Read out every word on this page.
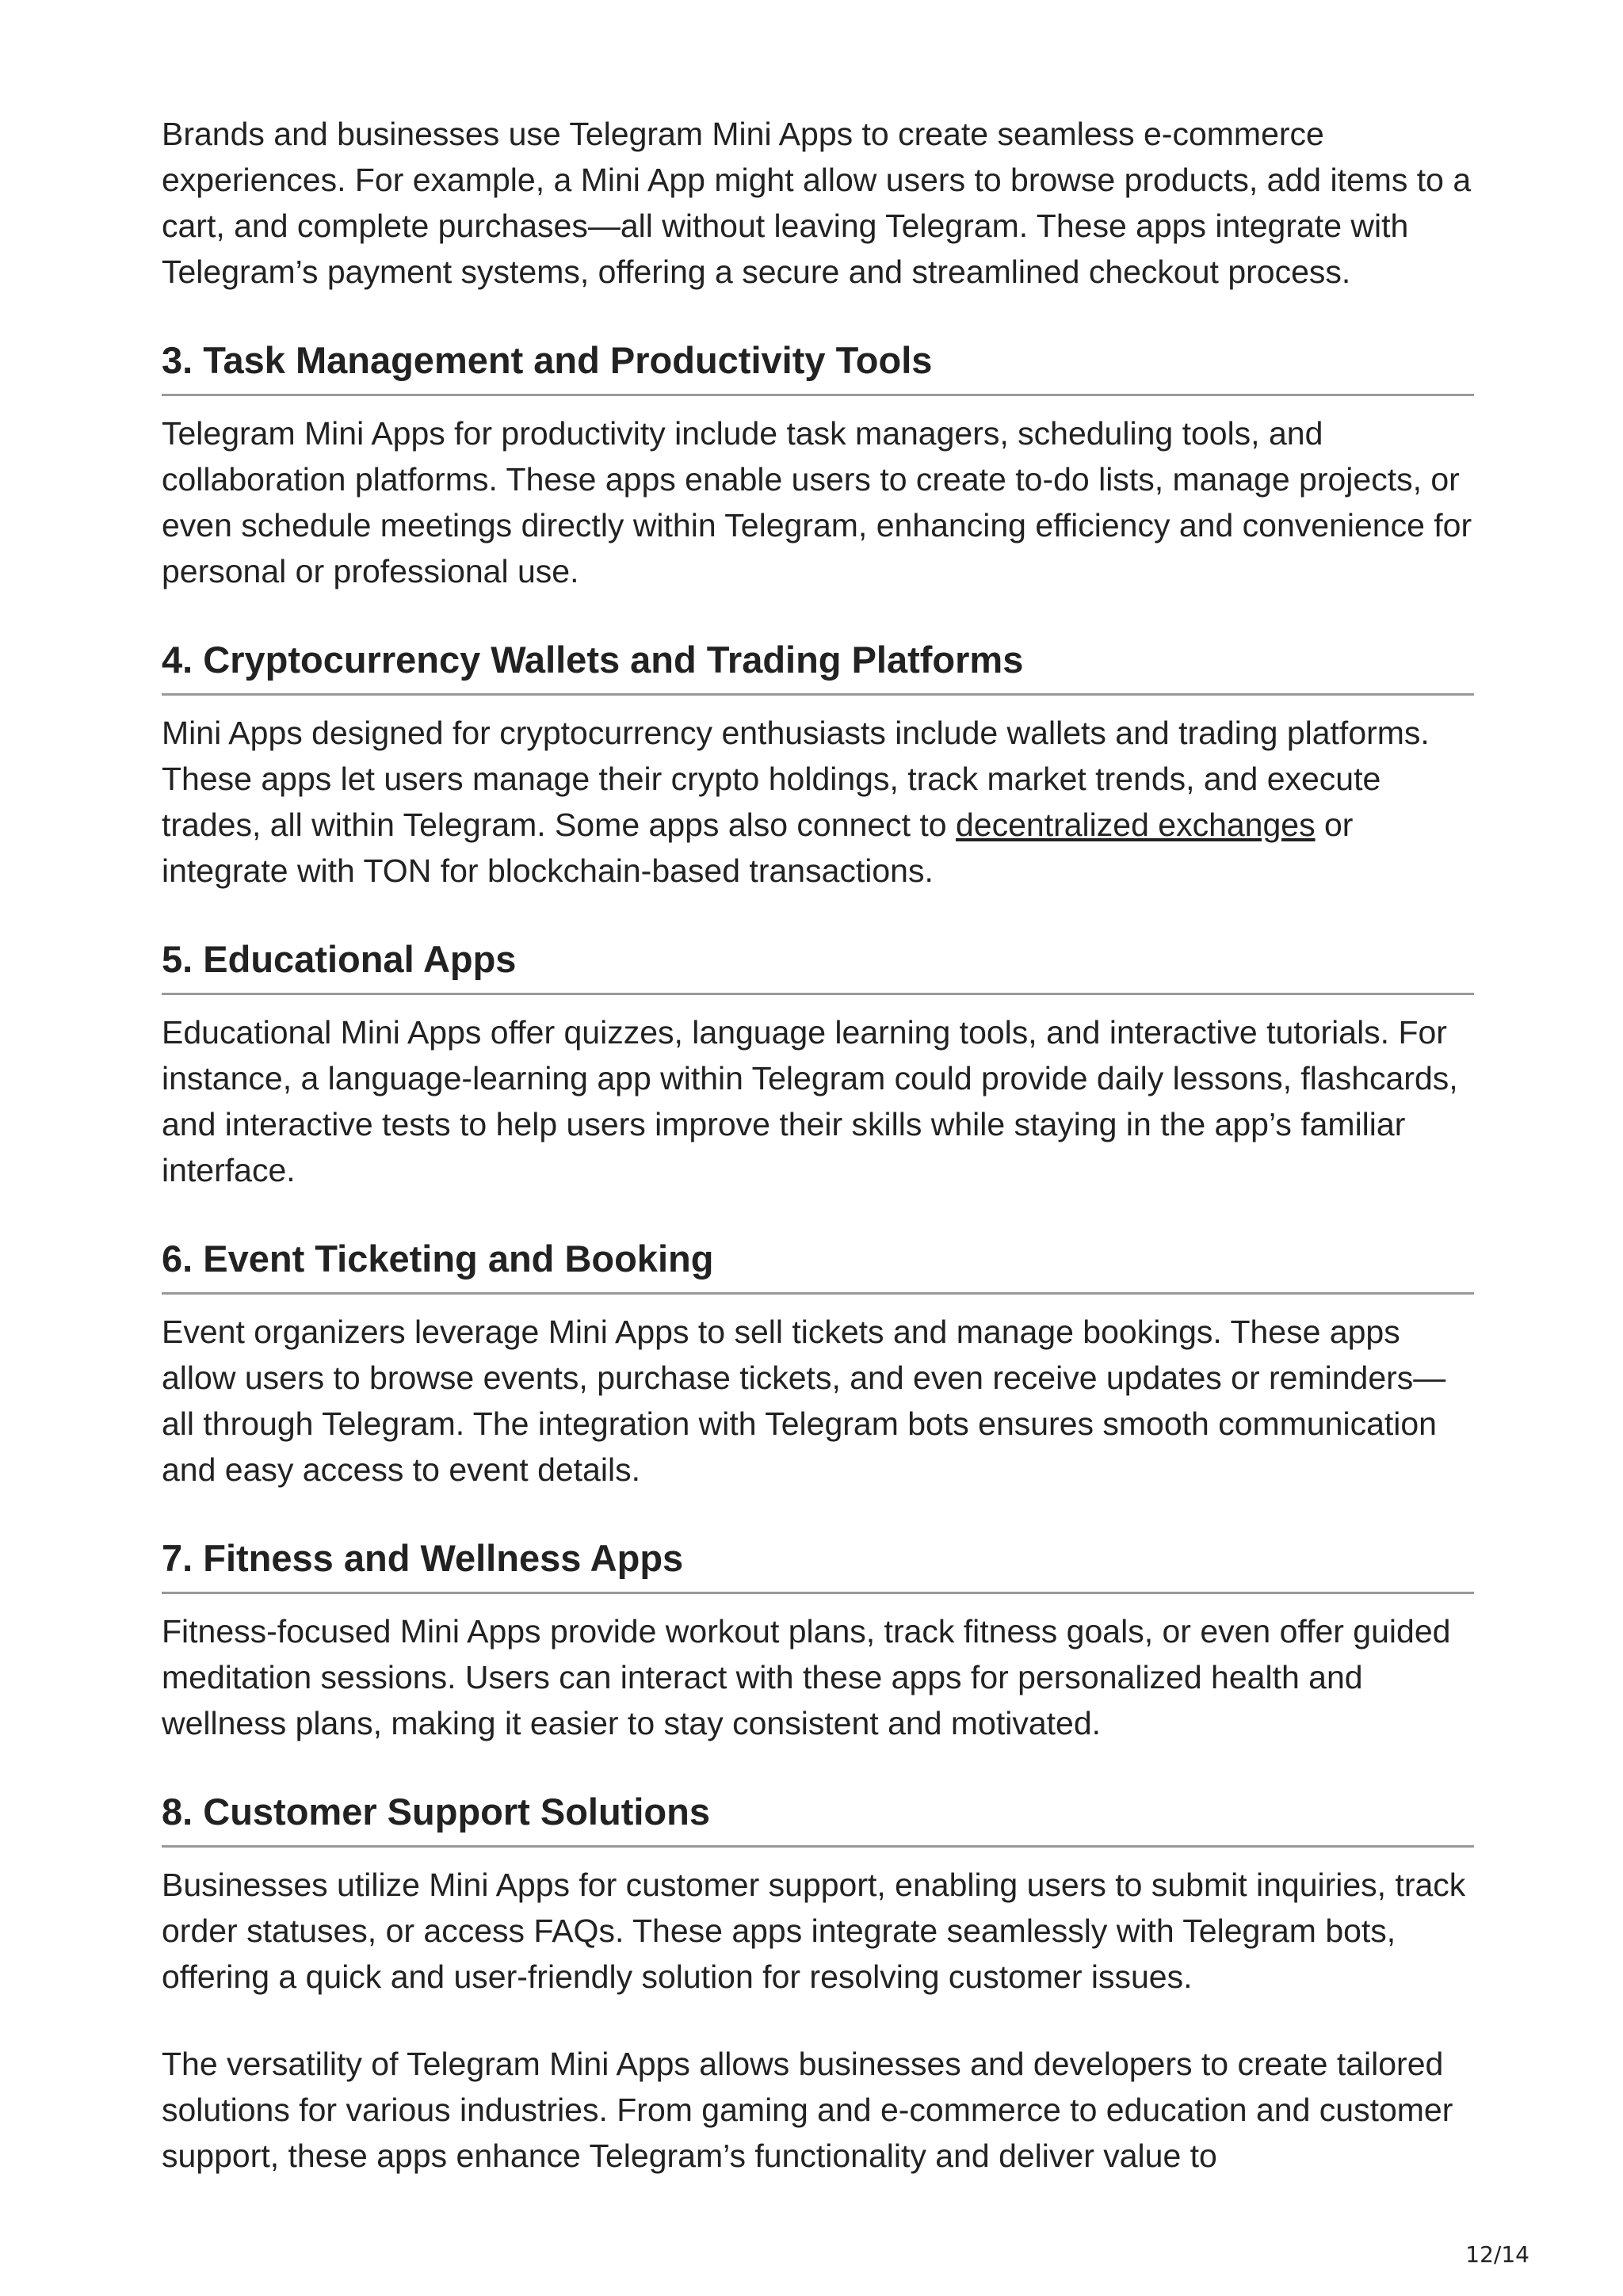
Brands and businesses use Telegram Mini Apps to create seamless e-commerce experiences. For example, a Mini App might allow users to browse products, add items to a cart, and complete purchases—all without leaving Telegram. These apps integrate with Telegram’s payment systems, offering a secure and streamlined checkout process.

3. Task Management and Productivity Tools

Telegram Mini Apps for productivity include task managers, scheduling tools, and collaboration platforms. These apps enable users to create to-do lists, manage projects, or even schedule meetings directly within Telegram, enhancing efficiency and convenience for personal or professional use.

4. Cryptocurrency Wallets and Trading Platforms

Mini Apps designed for cryptocurrency enthusiasts include wallets and trading platforms. These apps let users manage their crypto holdings, track market trends, and execute trades, all within Telegram. Some apps also connect to decentralized exchanges or integrate with TON for blockchain-based transactions.

5. Educational Apps

Educational Mini Apps offer quizzes, language learning tools, and interactive tutorials. For instance, a language-learning app within Telegram could provide daily lessons, flashcards, and interactive tests to help users improve their skills while staying in the app’s familiar interface.

6. Event Ticketing and Booking

Event organizers leverage Mini Apps to sell tickets and manage bookings. These apps allow users to browse events, purchase tickets, and even receive updates or reminders—all through Telegram. The integration with Telegram bots ensures smooth communication and easy access to event details.

7. Fitness and Wellness Apps

Fitness-focused Mini Apps provide workout plans, track fitness goals, or even offer guided meditation sessions. Users can interact with these apps for personalized health and wellness plans, making it easier to stay consistent and motivated.

8. Customer Support Solutions

Businesses utilize Mini Apps for customer support, enabling users to submit inquiries, track order statuses, or access FAQs. These apps integrate seamlessly with Telegram bots, offering a quick and user-friendly solution for resolving customer issues.

The versatility of Telegram Mini Apps allows businesses and developers to create tailored solutions for various industries. From gaming and e-commerce to education and customer support, these apps enhance Telegram’s functionality and deliver value to

12/14
